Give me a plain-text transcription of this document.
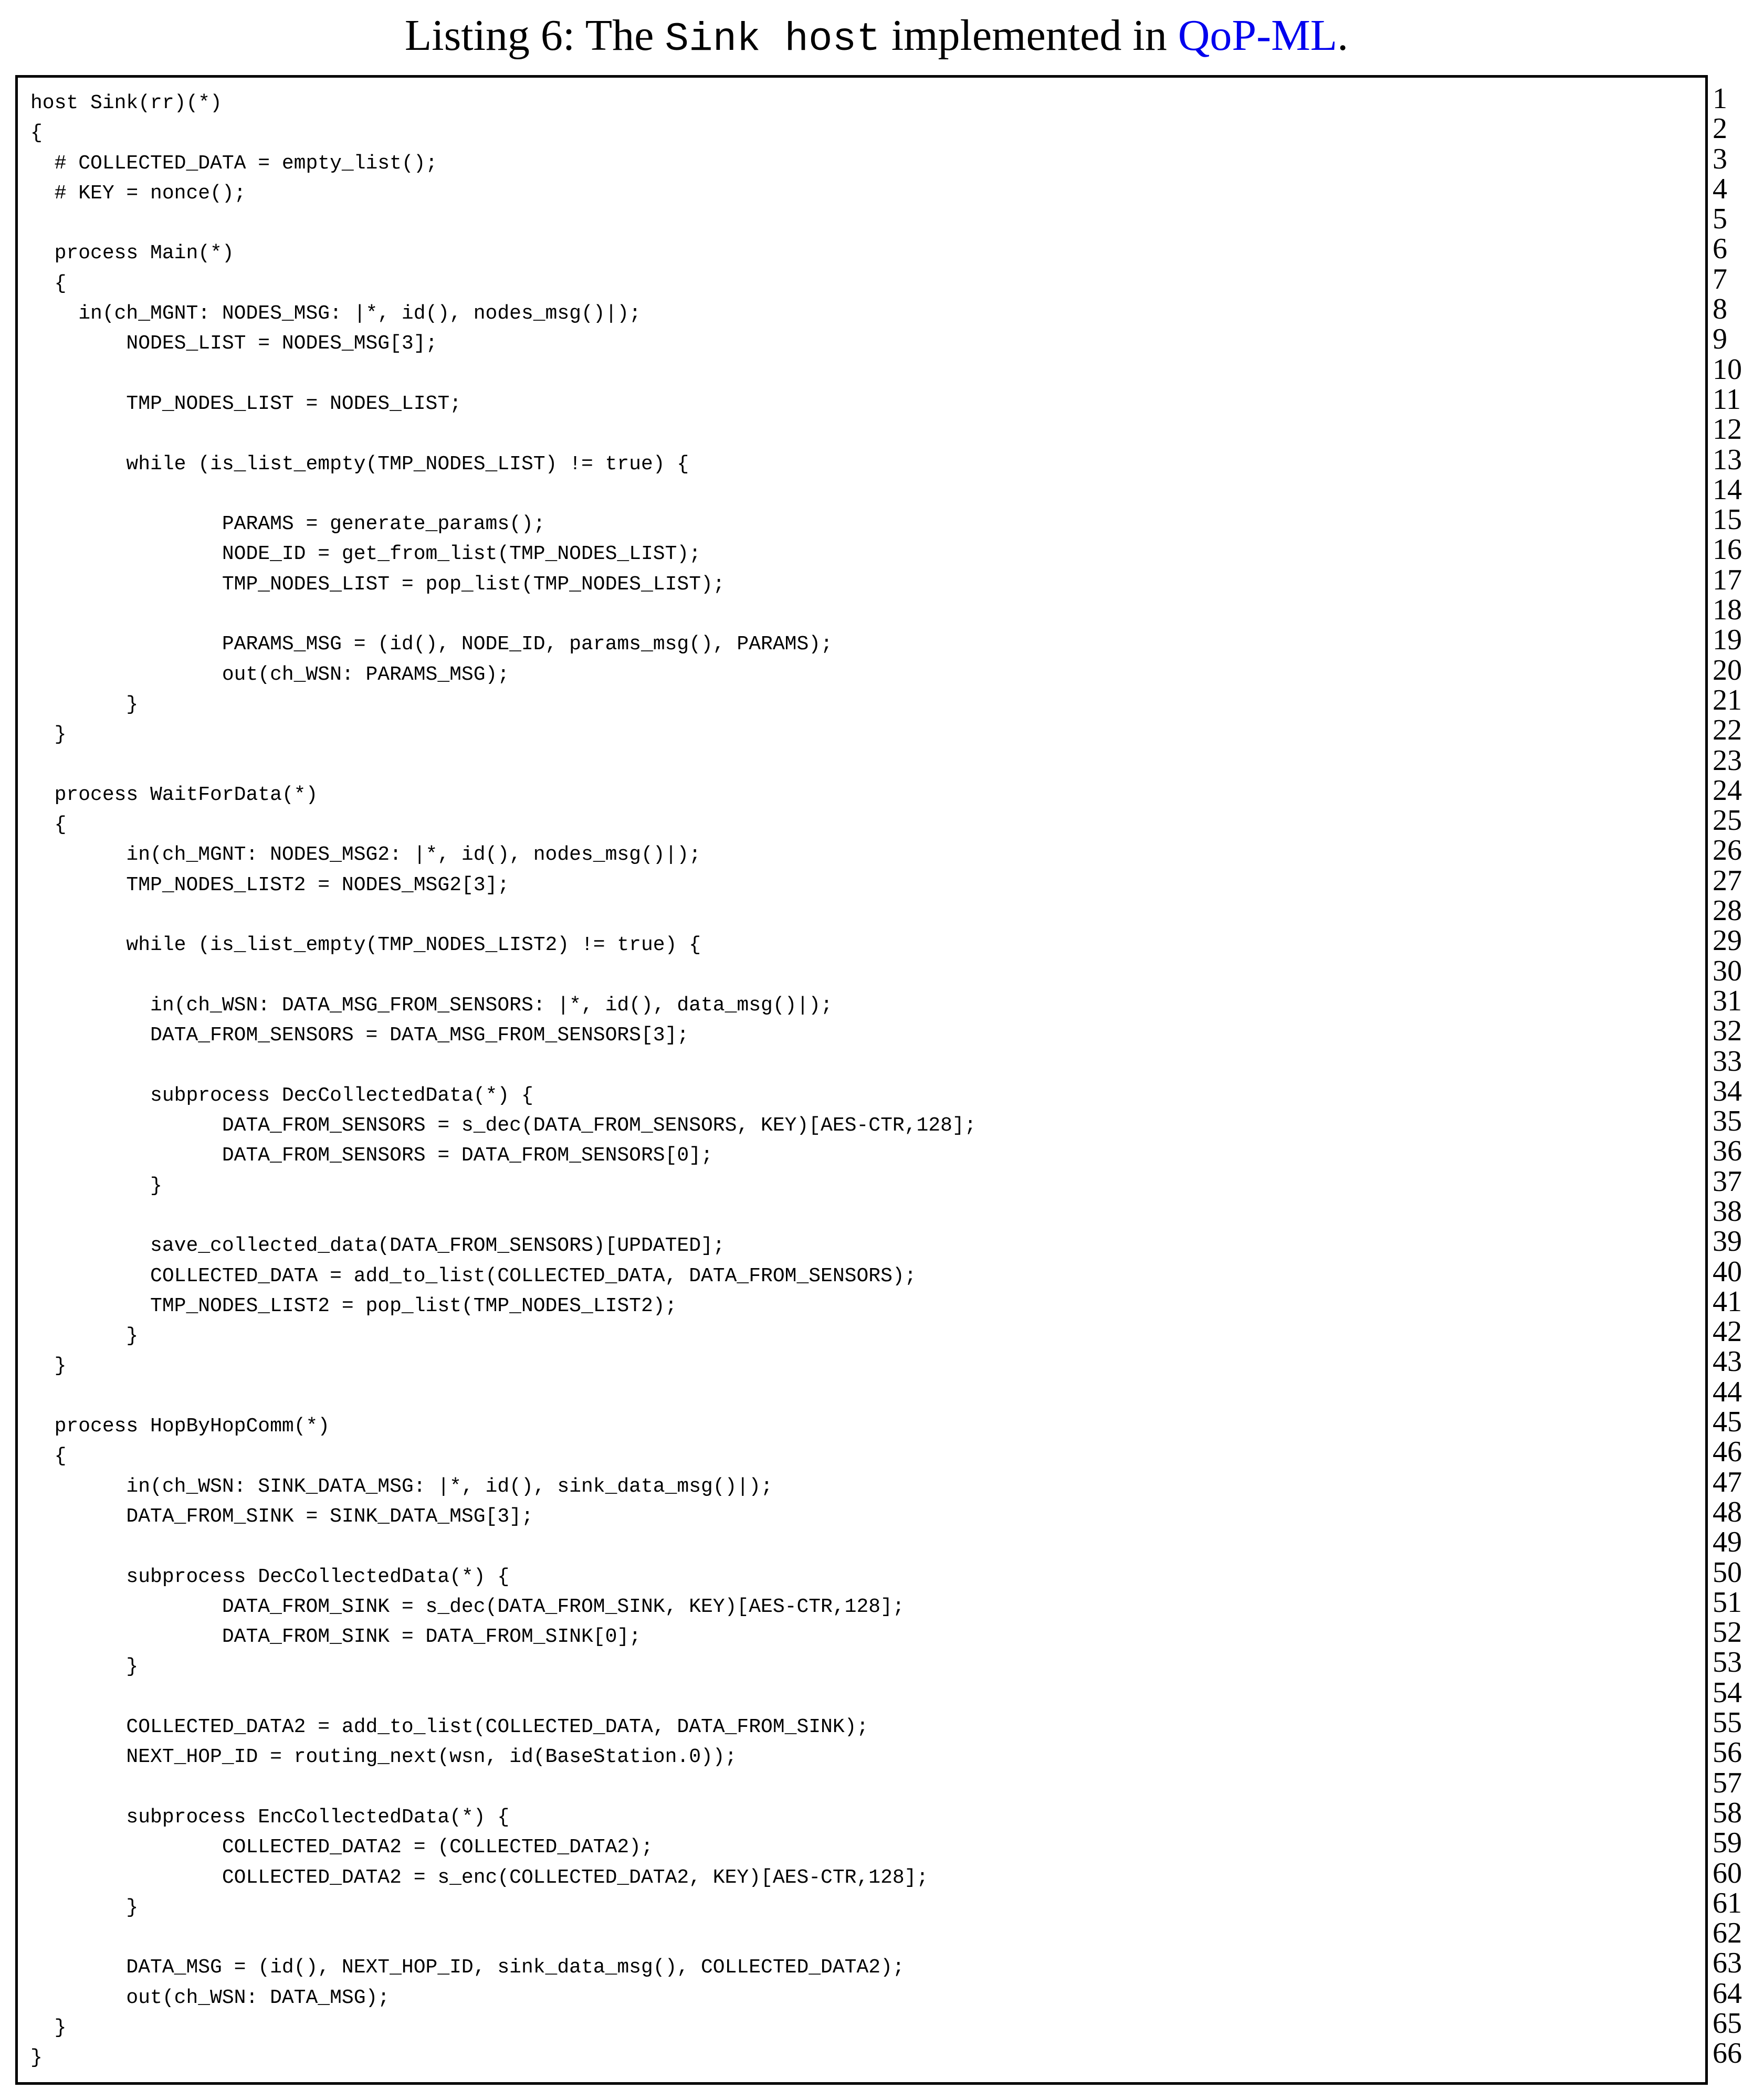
Listing 6: The Sink host implemented in QoP-ML.
host Sink(rr)(*)
{
# COLLECTED_DATA = empty_list();
# KEY = nonce();
process Main(*)
{
in(ch_MGNT: NODES_MSG: |*, id(), nodes_msg()|);
NODES_LIST = NODES_MSG[3];
TMP_NODES_LIST = NODES_LIST;
while (is_list_empty(TMP_NODES_LIST) != true) {
PARAMS = generate_params();
NODE_ID = get_from_list(TMP_NODES_LIST);
TMP_NODES_LIST = pop_list(TMP_NODES_LIST);
PARAMS_MSG = (id(), NODE_ID, params_msg(), PARAMS);
out(ch_WSN: PARAMS_MSG);
}
}
process WaitForData(*)
{
in(ch_MGNT: NODES_MSG2: |*, id(), nodes_msg()|);
TMP_NODES_LIST2 = NODES_MSG2[3];
while (is_list_empty(TMP_NODES_LIST2) != true) {
in(ch_WSN: DATA_MSG_FROM_SENSORS: |*, id(), data_msg()|);
DATA_FROM_SENSORS = DATA_MSG_FROM_SENSORS[3];
subprocess DecCollectedData(*) {
DATA_FROM_SENSORS = s_dec(DATA_FROM_SENSORS, KEY)[AES-CTR,128];
DATA_FROM_SENSORS = DATA_FROM_SENSORS[0];
}
save_collected_data(DATA_FROM_SENSORS)[UPDATED];
COLLECTED_DATA = add_to_list(COLLECTED_DATA, DATA_FROM_SENSORS);
TMP_NODES_LIST2 = pop_list(TMP_NODES_LIST2);
}
}
process HopByHopComm(*)
{
in(ch_WSN: SINK_DATA_MSG: |*, id(), sink_data_msg()|);
DATA_FROM_SINK = SINK_DATA_MSG[3];
subprocess DecCollectedData(*) {
DATA_FROM_SINK = s_dec(DATA_FROM_SINK, KEY)[AES-CTR,128];
DATA_FROM_SINK = DATA_FROM_SINK[0];
}
COLLECTED_DATA2 = add_to_list(COLLECTED_DATA, DATA_FROM_SINK);
NEXT_HOP_ID = routing_next(wsn, id(BaseStation.0));
subprocess EncCollectedData(*) {
COLLECTED_DATA2 = (COLLECTED_DATA2);
COLLECTED_DATA2 = s_enc(COLLECTED_DATA2, KEY)[AES-CTR,128];
}
DATA_MSG = (id(), NEXT_HOP_ID, sink_data_msg(), COLLECTED_DATA2);
out(ch_WSN: DATA_MSG);
}
}
1
2
3
4
5
6
7
8
9
10
11
12
13
14
15
16
17
18
19
20
21
22
23
24
25
26
27
28
29
30
31
32
33
34
35
36
37
38
39
40
41
42
43
44
45
46
47
48
49
50
51
52
53
54
55
56
57
58
59
60
61
62
63
64
65
66
